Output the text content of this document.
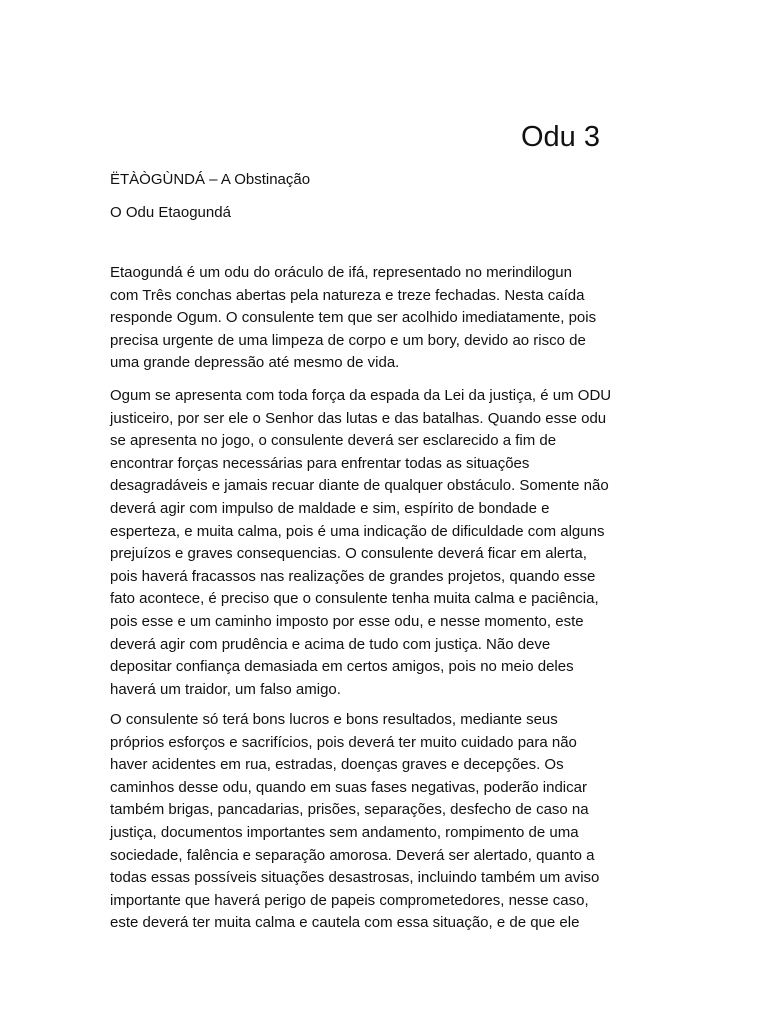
Odu 3
ËTÀÒGÙNDÁ – A Obstinação
O Odu Etaogundá
Etaogundá é um odu do oráculo de ifá, representado no merindilogun
com Três conchas abertas pela natureza e treze fechadas. Nesta caída
responde Ogum. O consulente tem que ser acolhido imediatamente, pois
precisa urgente de uma limpeza de corpo e um bory, devido ao risco de
uma grande depressão até mesmo de vida.
Ogum se apresenta com toda força da espada da Lei da justiça, é um ODU
justiceiro, por ser ele o Senhor das lutas e das batalhas. Quando esse odu
se apresenta no jogo, o consulente deverá ser esclarecido a fim de
encontrar forças necessárias para enfrentar todas as situações
desagradáveis e jamais recuar diante de qualquer obstáculo. Somente não
deverá agir com impulso de maldade e sim, espírito de bondade e
esperteza, e muita calma, pois é uma indicação de dificuldade com alguns
prejuízos e graves consequencias. O consulente deverá ficar em alerta,
pois haverá fracassos nas realizações de grandes projetos, quando esse
fato acontece, é preciso que o consulente tenha muita calma e paciência,
pois esse e um caminho imposto por esse odu, e nesse momento, este
deverá agir com prudência e acima de tudo com justiça. Não deve
depositar confiança demasiada em certos amigos, pois no meio deles
haverá um traidor, um falso amigo.
O consulente só terá bons lucros e bons resultados, mediante seus
próprios esforços e sacrifícios, pois deverá ter muito cuidado para não
haver acidentes em rua, estradas, doenças graves e decepções. Os
caminhos desse odu, quando em suas fases negativas, poderão indicar
também brigas, pancadarias, prisões, separações, desfecho de caso na
justiça, documentos importantes sem andamento, rompimento de uma
sociedade, falência e separação amorosa. Deverá ser alertado, quanto a
todas essas possíveis situações desastrosas, incluindo também um aviso
importante que haverá perigo de papeis comprometedores, nesse caso,
este deverá ter muita calma e cautela com essa situação, e de que ele
